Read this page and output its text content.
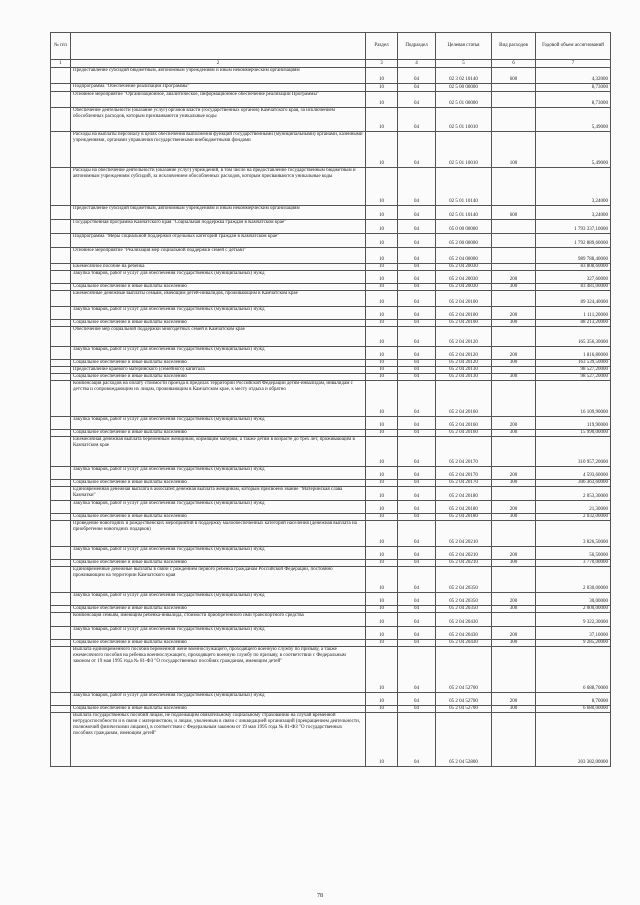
№ п/п		Раздел	Подраздел	Целевая статья	Вид расходов	Годовой объем ассигнований
1	2	3	4	5	6	7
	Предоставление субсидий бюджетным, автономным учреждениям и иным некоммерческим организациям	10	04	02 3 02 10140	600	4,32000
	Подпрограмма "Обеспечение реализации Программы"	10	04	02 5 00 00000		8,73000
	Основное мероприятие "Организационное, аналитическое, информационное обеспечение реализации Программы"	10	04	02 5 01 00000		8,73000
	Обеспечение деятельности (оказание услуг) органов власти (государственных органов) Камчатского края, за исключением обособленных расходов, которым присваиваются уникальные коды	10	04	02 5 01 10010		5,49000
	Расходы на выплаты персоналу в целях обеспечения выполнения функций государственными (муниципальными) органами, казенными учреждениями, органами управления государственными внебюджетными фондами	10	04	02 5 01 10010	100	5,49000
	Расходы на обеспечение деятельности (оказание услуг) учреждений, в том числе на предоставление государственным бюджетным и автономным учреждениям субсидий, за исключением обособленных расходов, которым присваиваются уникальные коды	10	04	02 5 01 10140		3,24000
	Предоставление субсидий бюджетным, автономным учреждениям и иным некоммерческим организациям	10	04	02 5 01 10140	600	3,24000
	Государственная программа Камчатского края "Социальная поддержка граждан в Камчатском крае"	10	04	05 0 00 00000		1 793 337,10000
	Подпрограмма "Меры социальной поддержки отдельных категорий граждан в Камчатском крае"	10	04	05 2 00 00000		1 792 889,60000
	Основное мероприятие "Реализация мер социальной поддержки семей с детьми"	10	04	05 2 04 00000		989 788,40000
	Ежемесячное пособие на ребенка	10	04	05 2 04 20030		83 808,60000
	Закупка товаров, работ и услуг для обеспечения государственных (муниципальных) нужд	10	04	05 2 04 20030	200	327,60000
	Социальное обеспечение и иные выплаты населению	10	04	05 2 04 20030	300	83 481,00000
	Ежемесячные денежные выплаты семьям, имеющим детей-инвалидов, проживающим в Камчатском крае	10	04	05 2 04 20100		89 324,40000
	Закупка товаров, работ и услуг для обеспечения государственных (муниципальных) нужд	10	04	05 2 04 20100	200	1 111,20000
	Социальное обеспечение и иные выплаты населению	10	04	05 2 04 20100	300	88 213,20000
	Обеспечение мер социальной поддержки многодетных семей в Камчатском крае	10	04	05 2 04 20120		165 356,30000
	Закупка товаров, работ и услуг для обеспечения государственных (муниципальных) нужд	10	04	05 2 04 20120	200	1 816,80000
	Социальное обеспечение и иные выплаты населению	10	04	05 2 04 20120	300	163 539,50000
	Предоставление краевого материнского (семейного) капитала	10	04	05 2 04 20130		98 527,20000
	Социальное обеспечение и иные выплаты населению	10	04	05 2 04 20130	300	98 527,20000
	Компенсация расходов на оплату стоимости проезда в пределах территории Российской Федерации детям-инвалидам, инвалидам с детства и сопровождающим их лицам, проживающим в Камчатском крае, к месту отдыха и обратно	10	04	05 2 04 20160		16 109,90000
	Закупка товаров, работ и услуг для обеспечения государственных (муниципальных) нужд	10	04	05 2 04 20160	200	119,90000
	Социальное обеспечение и иные выплаты населению	10	04	05 2 04 20160	300	15 990,00000
	Ежемесячная денежная выплата беременным женщинам, кормящим матерям, а также детям в возрасте до трех лет, проживающим в Камчатском крае	10	04	05 2 04 20170		310 957,20000
	Закупка товаров, работ и услуг для обеспечения государственных (муниципальных) нужд	10	04	05 2 04 20170	200	4 593,60000
	Социальное обеспечение и иные выплаты населению	10	04	05 2 04 20170	300	306 363,60000
	Единовременная денежная выплата в associated денежная выплата женщинам, которым присвоено звание "Материнская слава Камчатки"	10	04	05 2 04 20180		2 053,30000
	Закупка товаров, работ и услуг для обеспечения государственных (муниципальных) нужд	10	04	05 2 04 20180	200	21,30000
	Социальное обеспечение и иные выплаты населению	10	04	05 2 04 20180	300	2 032,00000
	Проведение новогодних и рождественских мероприятий в поддержку малообеспеченных категорий населения (денежная выплата на приобретение новогодних подарков)	10	04	05 2 04 20210		3 826,50000
	Закупка товаров, работ и услуг для обеспечения государственных (муниципальных) нужд	10	04	05 2 04 20210	200	56,50000
	Социальное обеспечение и иные выплаты населению	10	04	05 2 04 20210	300	3 770,00000
	Единовременные денежные выплаты в связи с рождением первого ребенка гражданам Российской Федерации, постоянно проживающим на территории Камчатского края	10	04	05 2 04 20350		2 030,00000
	Закупка товаров, работ и услуг для обеспечения государственных (муниципальных) нужд	10	04	05 2 04 20350	200	30,00000
	Социальное обеспечение и иные выплаты населению	10	04	05 2 04 20350	300	2 000,00000
	Компенсация семьям, имеющим ребенка-инвалида, стоимости приобретенного ими транспортного средства	10	04	05 2 04 20430		9 322,30000
	Закупка товаров, работ и услуг для обеспечения государственных (муниципальных) нужд	10	04	05 2 04 20430	200	37,10000
	Социальное обеспечение и иные выплаты населению	10	04	05 2 04 20430	300	9 285,20000
	Выплата единовременного пособия беременной жене военнослужащего, проходящего военную службу по призыву, а также ежемесячного пособия на ребенка военнослужащего, проходящего военную службу по призыву, в соответствии с Федеральным законом от 19 мая 1995 года № 81-ФЗ "О государственных пособиях гражданам, имеющим детей"	10	04	05 2 04 52700		6 688,70000
	Закупка товаров, работ и услуг для обеспечения государственных (муниципальных) нужд	10	04	05 2 04 52700	200	8,70000
	Социальное обеспечение и иные выплаты населению	10	04	05 2 04 52700	300	6 680,00000
	Выплата государственных пособий лицам, не подлежащим обязательному социальному страхованию на случай временной нетрудоспособности и в связи с материнством, и лицам, уволенным в связи с ликвидацией организаций (прекращением деятельности, полномочий физическими лицами), в соответствии с Федеральным законом от 19 мая 1995 года № 81-ФЗ "О государственных пособиях гражданам, имеющим детей"	10	04	05 2 04 52800		203 382,00000
78
